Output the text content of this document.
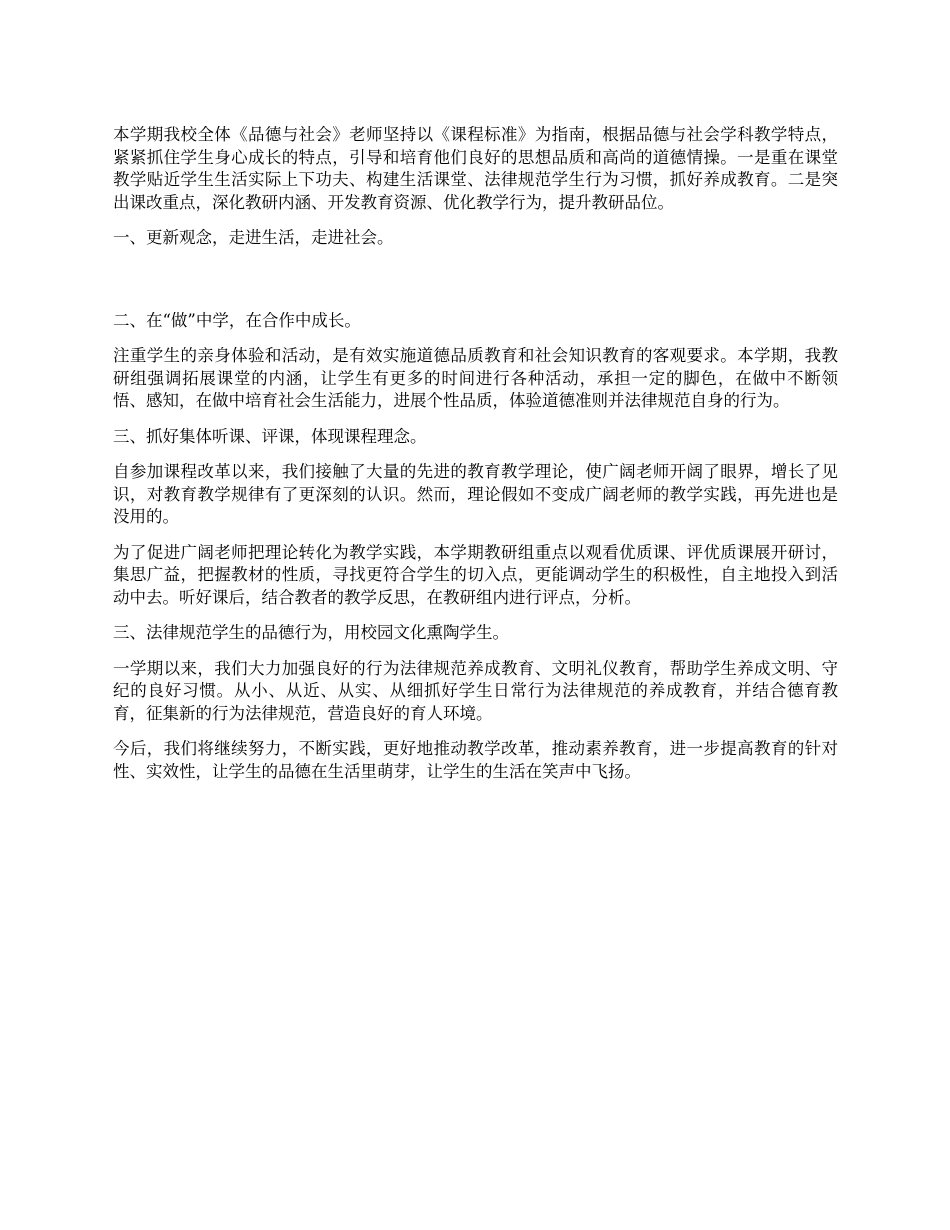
本学期我校全体《品德与社会》老师坚持以《课程标准》为指南，根据品德与社会学科教学特点，紧紧抓住学生身心成长的特点，引导和培育他们良好的思想品质和高尚的道德情操。一是重在课堂教学贴近学生生活实际上下功夫、构建生活课堂、法律规范学生行为习惯，抓好养成教育。二是突出课改重点，深化教研内涵、开发教育资源、优化教学行为，提升教研品位。

一、更新观念，走进生活，走进社会。

二、在“做”中学，在合作中成长。

注重学生的亲身体验和活动，是有效实施道德品质教育和社会知识教育的客观要求。本学期，我教研组强调拓展课堂的内涵，让学生有更多的时间进行各种活动，承担一定的脚色，在做中不断领悟、感知，在做中培育社会生活能力，进展个性品质，体验道德准则并法律规范自身的行为。

三、抓好集体听课、评课，体现课程理念。

自参加课程改革以来，我们接触了大量的先进的教育教学理论，使广阔老师开阔了眼界，增长了见识，对教育教学规律有了更深刻的认识。然而，理论假如不变成广阔老师的教学实践，再先进也是没用的。

为了促进广阔老师把理论转化为教学实践，本学期教研组重点以观看优质课、评优质课展开研讨，集思广益，把握教材的性质，寻找更符合学生的切入点，更能调动学生的积极性，自主地投入到活动中去。听好课后，结合教者的教学反思，在教研组内进行评点，分析。

三、法律规范学生的品德行为，用校园文化熏陶学生。

一学期以来，我们大力加强良好的行为法律规范养成教育、文明礼仪教育，帮助学生养成文明、守纪的良好习惯。从小、从近、从实、从细抓好学生日常行为法律规范的养成教育，并结合德育教育，征集新的行为法律规范，营造良好的育人环境。

今后，我们将继续努力，不断实践，更好地推动教学改革，推动素养教育，进一步提高教育的针对性、实效性，让学生的品德在生活里萌芽，让学生的生活在笑声中飞扬。
